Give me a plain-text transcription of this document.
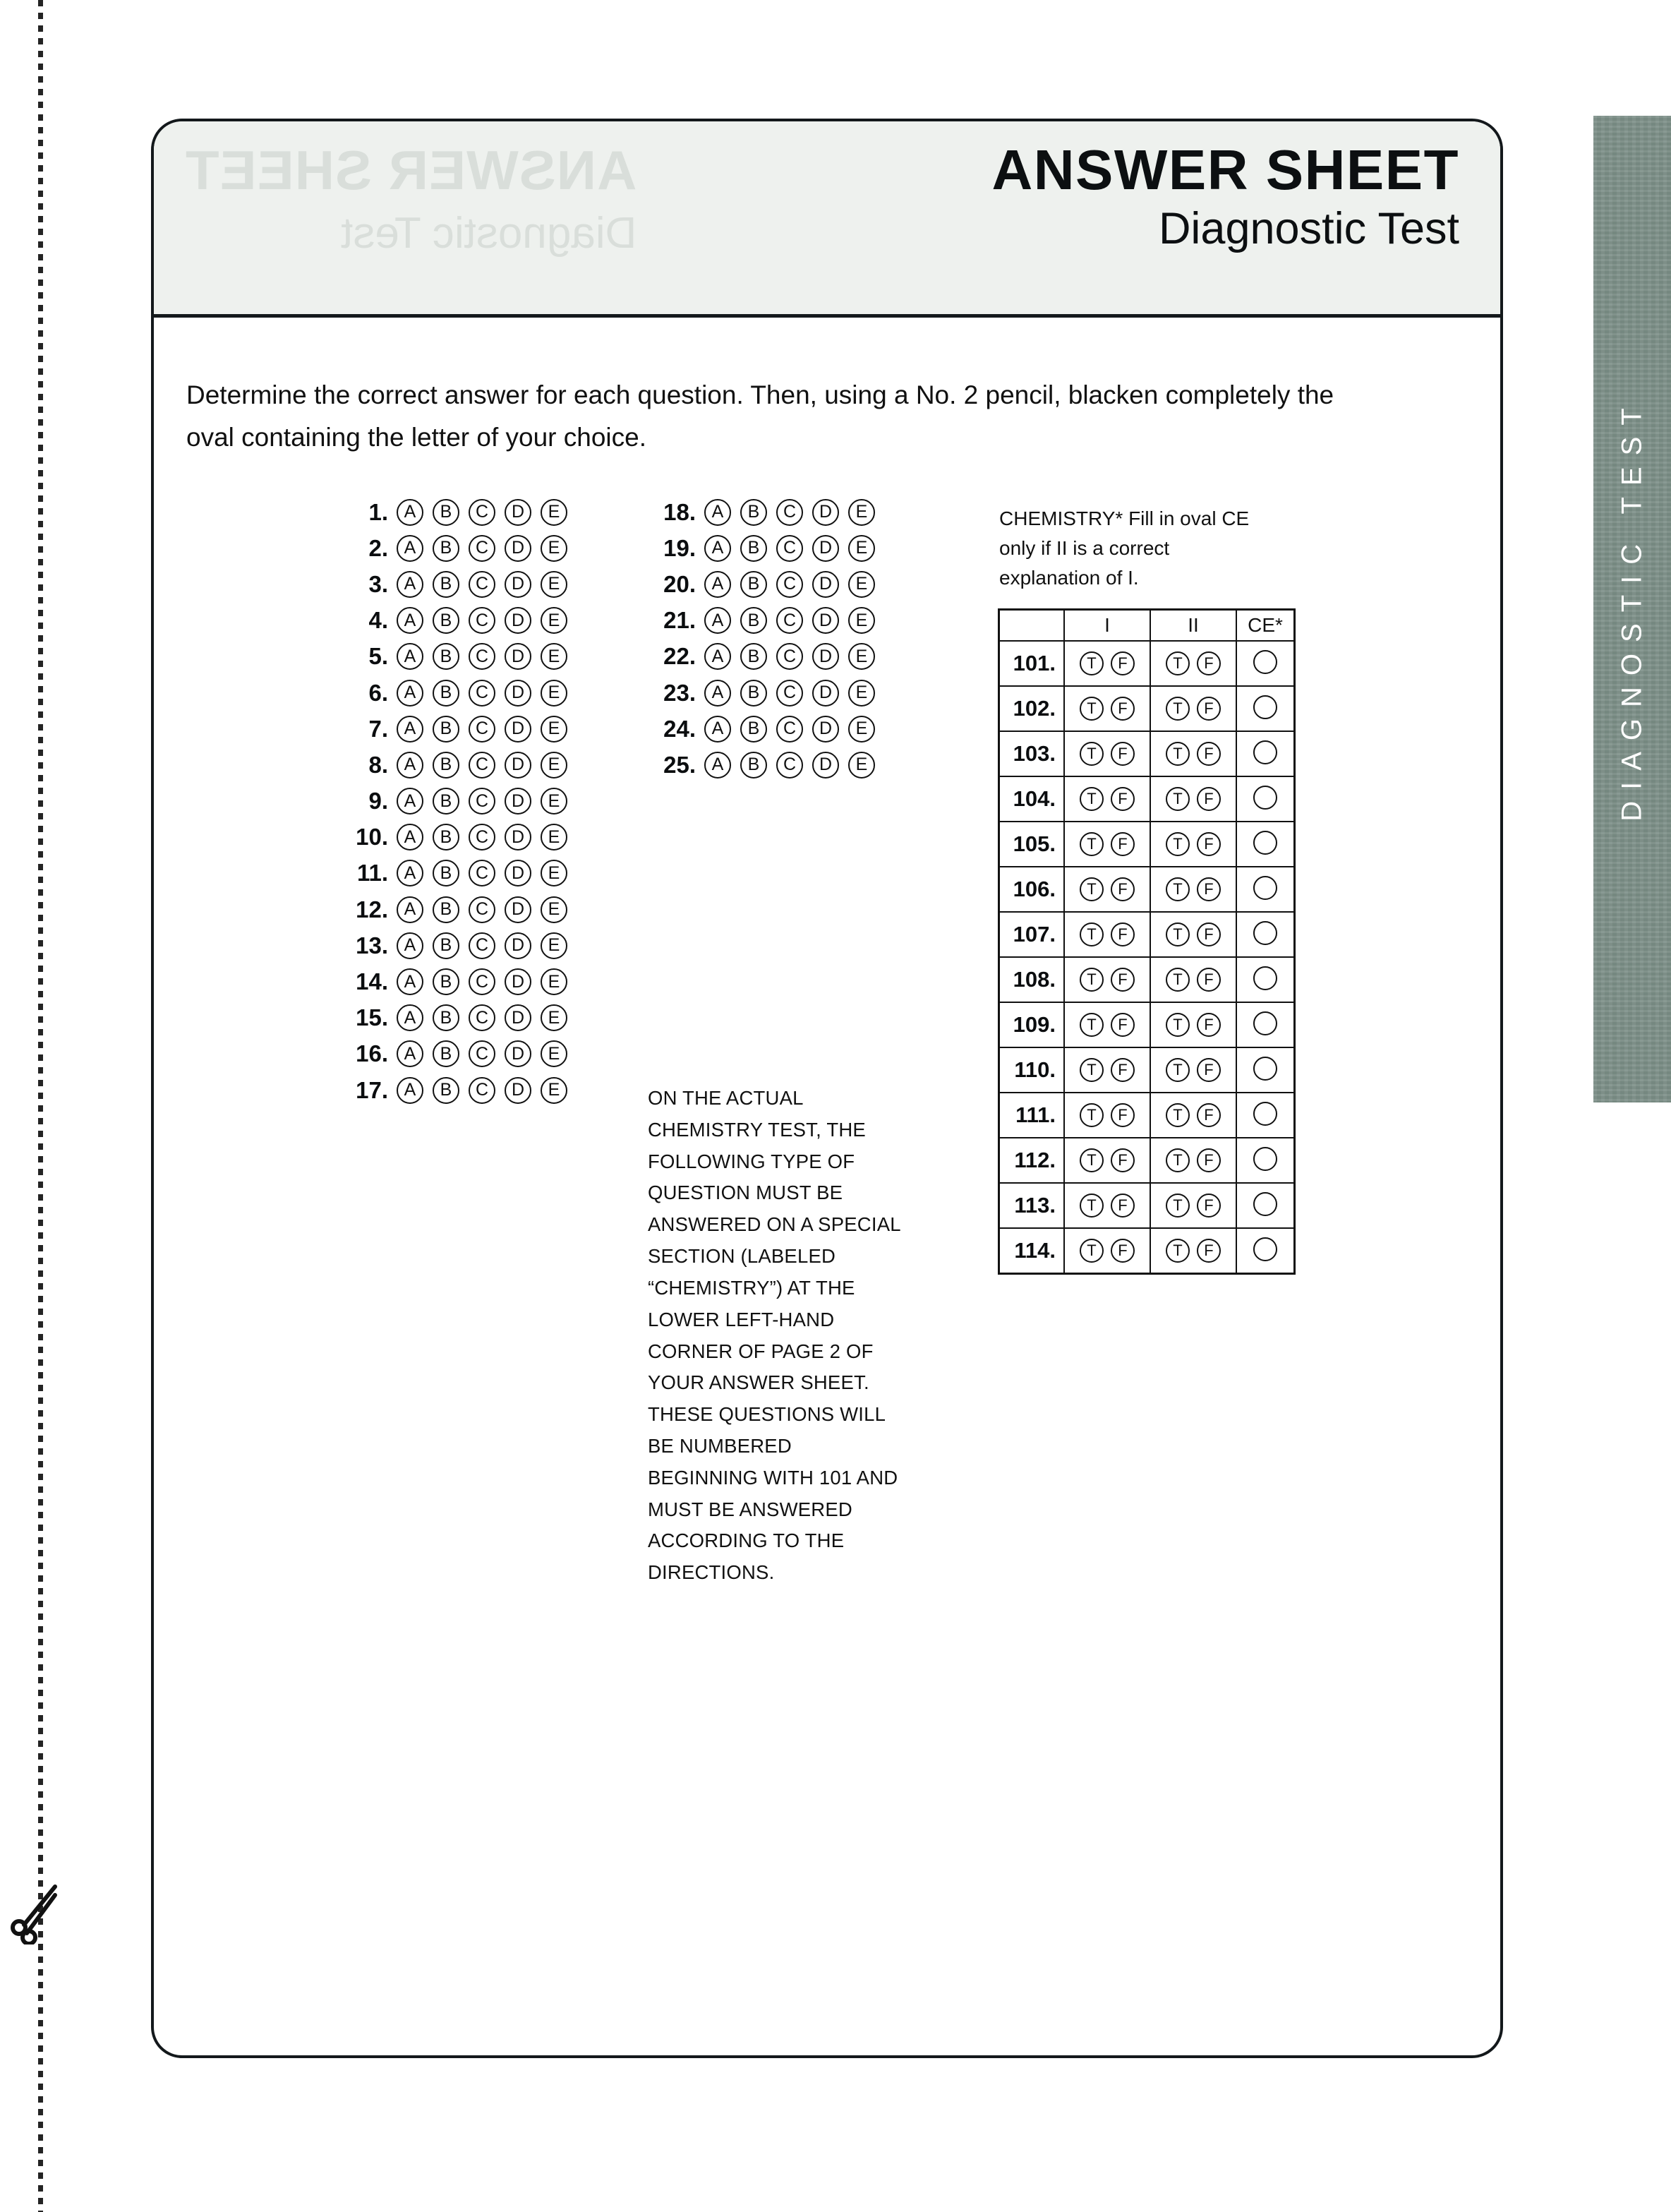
DIAGNOSTIC TEST
ANSWER SHEET
Diagnostic Test
ANSWER SHEET
Diagnostic Test
Determine the correct answer for each question. Then, using a No. 2 pencil, blacken completely the oval containing the letter of your choice.
1. A	B	C	D	E
2. A	B	C	D	E
3. A	B	C	D	E
4. A	B	C	D	E
5. A	B	C	D	E
6. A	B	C	D	E
7. A	B	C	D	E
8. A	B	C	D	E
9. A	B	C	D	E
10. A	B	C	D	E
11. A	B	C	D	E
12. A	B	C	D	E
13. A	B	C	D	E
14. A	B	C	D	E
15. A	B	C	D	E
16. A	B	C	D	E
17. A	B	C	D	E
18. A	B	C	D	E
19. A	B	C	D	E
20. A	B	C	D	E
21. A	B	C	D	E
22. A	B	C	D	E
23. A	B	C	D	E
24. A	B	C	D	E
25. A	B	C	D	E
ON THE ACTUAL CHEMISTRY TEST, THE FOLLOWING TYPE OF QUESTION MUST BE ANSWERED ON A SPECIAL SECTION (LABELED “CHEMISTRY”) AT THE LOWER LEFT-HAND CORNER OF PAGE 2 OF YOUR ANSWER SHEET. THESE QUESTIONS WILL BE NUMBERED BEGINNING WITH 101 AND MUST BE ANSWERED ACCORDING TO THE DIRECTIONS.
CHEMISTRY* Fill in oval CE only if II is a correct explanation of I.
	I	II	CE*
101.	T	F	T	F

102.	T	F	T	F

103.	T	F	T	F

104.	T	F	T	F

105.	T	F	T	F

106.	T	F	T	F

107.	T	F	T	F

108.	T	F	T	F

109.	T	F	T	F

110.	T	F	T	F

111.	T	F	T	F

112.	T	F	T	F

113.	T	F	T	F

114.	T	F	T	F
